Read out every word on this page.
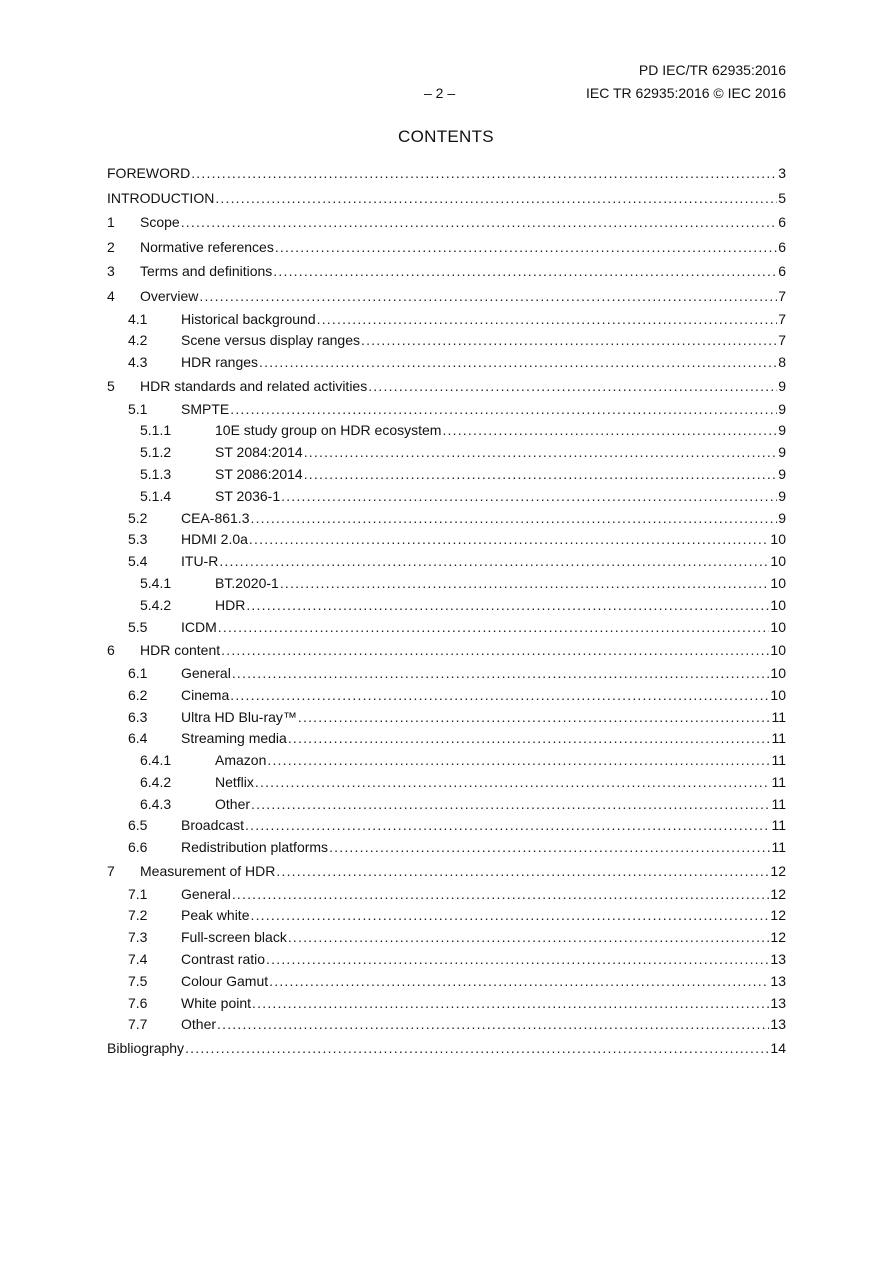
PD IEC/TR 62935:2016
– 2 –	IEC TR 62935:2016 © IEC 2016
CONTENTS
FOREWORD .....	3
INTRODUCTION .....	5
1	Scope .....	6
2	Normative references .....	6
3	Terms and definitions .....	6
4	Overview .....	7
4.1	Historical background .....	7
4.2	Scene versus display ranges .....	7
4.3	HDR ranges .....	8
5	HDR standards and related activities .....	9
5.1	SMPTE .....	9
5.1.1	10E study group on HDR ecosystem .....	9
5.1.2	ST 2084:2014 .....	9
5.1.3	ST 2086:2014 .....	9
5.1.4	ST 2036-1 .....	9
5.2	CEA-861.3 .....	9
5.3	HDMI 2.0a .....	10
5.4	ITU-R .....	10
5.4.1	BT.2020-1 .....	10
5.4.2	HDR .....	10
5.5	ICDM .....	10
6	HDR content .....	10
6.1	General .....	10
6.2	Cinema .....	10
6.3	Ultra HD Blu-ray™ .....	11
6.4	Streaming media .....	11
6.4.1	Amazon .....	11
6.4.2	Netflix .....	11
6.4.3	Other .....	11
6.5	Broadcast .....	11
6.6	Redistribution platforms .....	11
7	Measurement of HDR .....	12
7.1	General .....	12
7.2	Peak white .....	12
7.3	Full-screen black .....	12
7.4	Contrast ratio .....	13
7.5	Colour Gamut .....	13
7.6	White point .....	13
7.7	Other .....	13
Bibliography .....	14
